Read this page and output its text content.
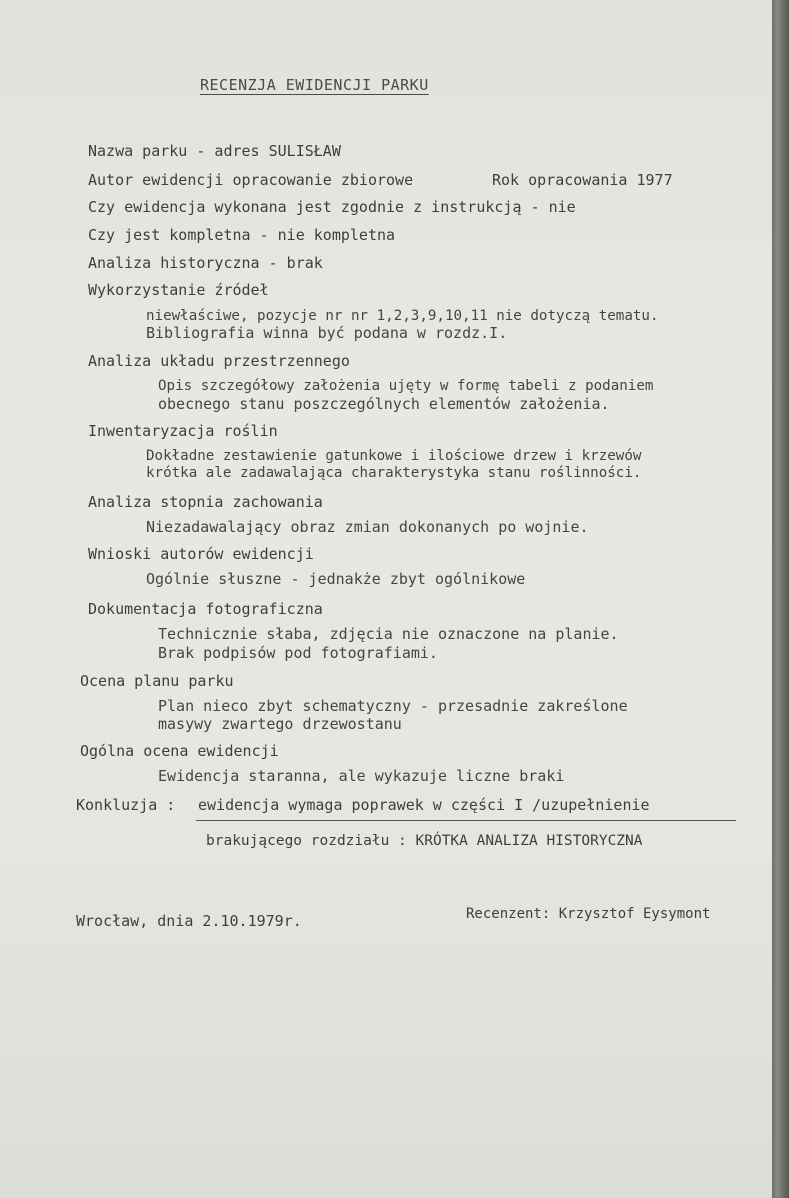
RECENZJA EWIDENCJI PARKU
Nazwa parku - adres SULISŁAW
Autor ewidencji opracowanie zbiorowe	Rok opracowania 1977
Czy ewidencja wykonana jest zgodnie z instrukcją - nie
Czy jest kompletna - nie kompletna
Analiza historyczna - brak
Wykorzystanie źródeł
niewłaściwe, pozycje nr nr 1,2,3,9,10,11 nie dotyczą tematu.
Bibliografia winna być podana w rozdz.I.
Analiza układu przestrzennego
Opis szczegółowy założenia ujęty w formę tabeli z podaniem
obecnego stanu poszczególnych elementów założenia.
Inwentaryzacja roślin
Dokładne zestawienie gatunkowe i ilościowe drzew i krzewów
krótka ale zadawalająca charakterystyka stanu roślinności.
Analiza stopnia zachowania
Niezadawalający obraz zmian dokonanych po wojnie.
Wnioski autorów ewidencji
Ogólnie słuszne - jednakże zbyt ogólnikowe
Dokumentacja fotograficzna
Technicznie słaba, zdjęcia nie oznaczone na planie.
Brak podpisów pod fotografiami.
Ocena planu parku
Plan nieco zbyt schematyczny - przesadnie zakreślone
masywy zwartego drzewostanu
Ogólna ocena ewidencji
Ewidencja staranna, ale wykazuje liczne braki
Konkluzja : ewidencja wymaga poprawek w części I /uzupełnienie
brakującego rozdziału : KRÓTKA ANALIZA HISTORYCZNA
Wrocław, dnia 2.10.1979r.	Recenzent: Krzysztof Eysymont
